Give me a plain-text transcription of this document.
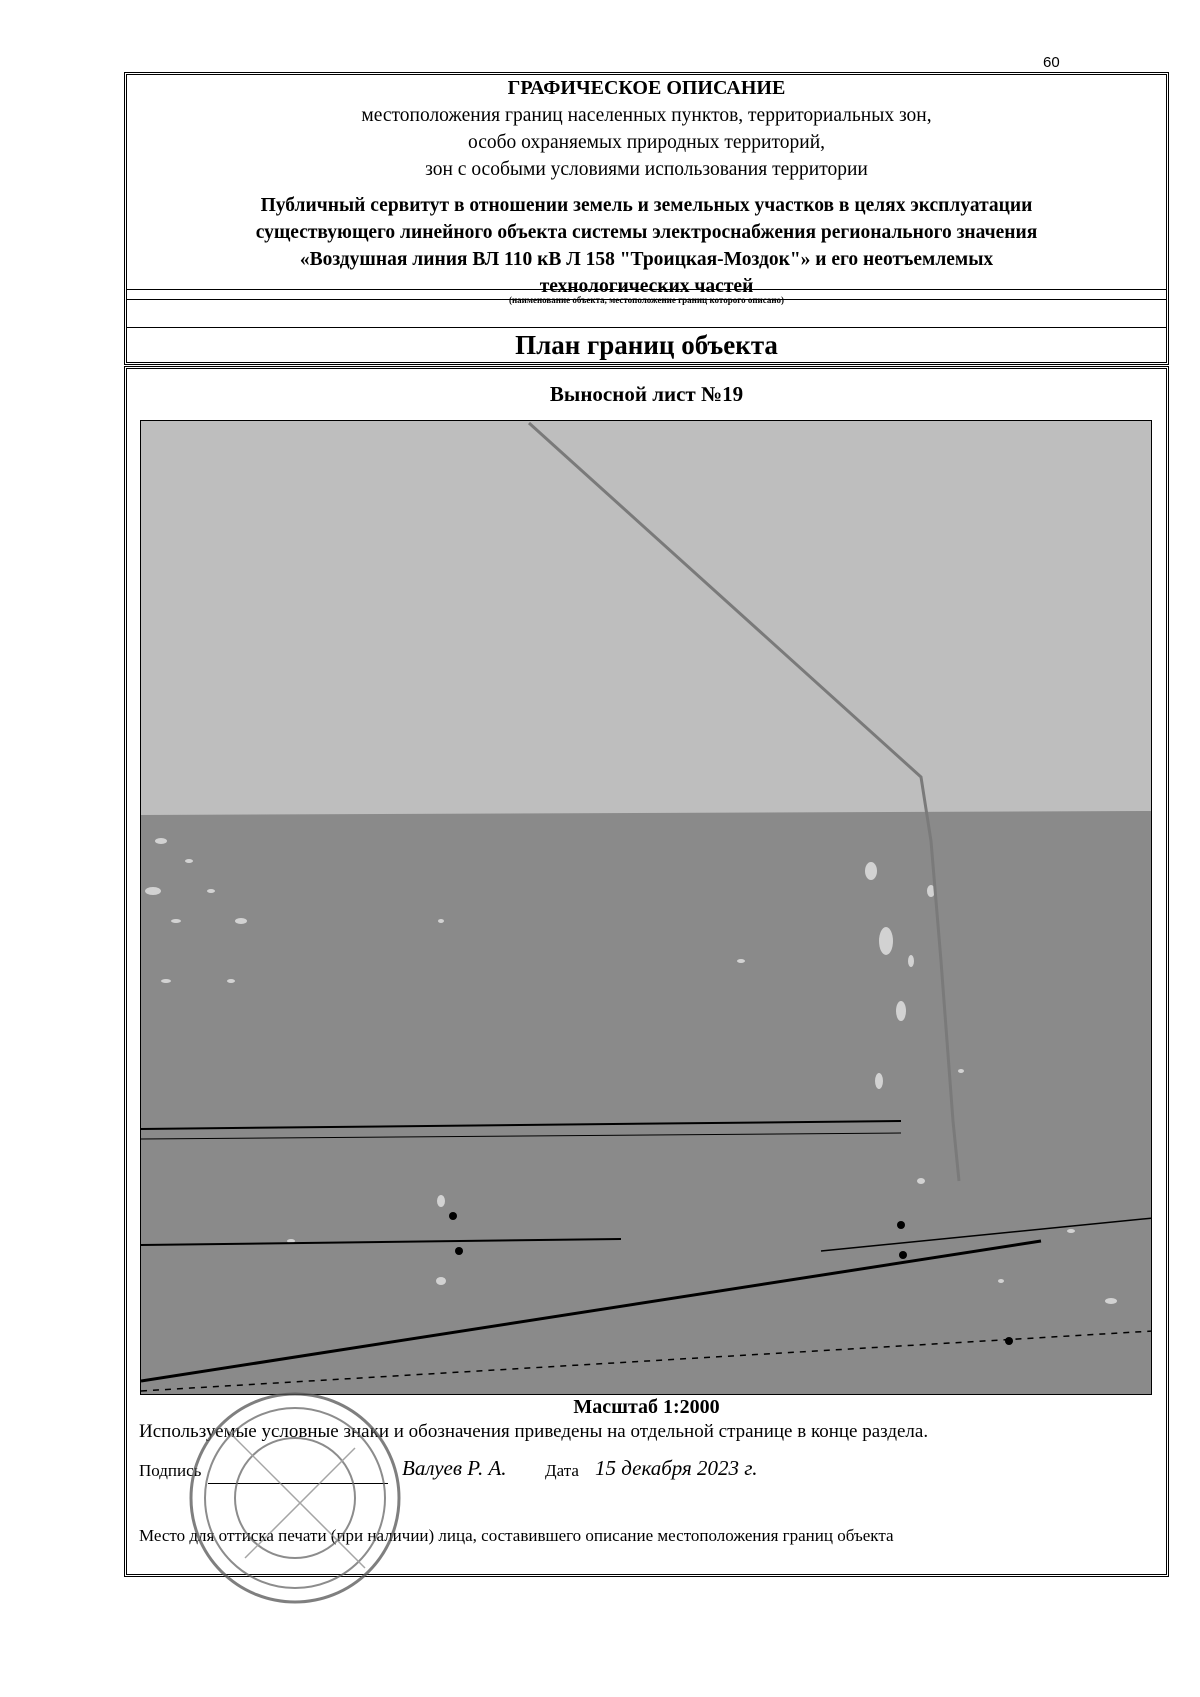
60
ГРАФИЧЕСКОЕ ОПИСАНИЕ
местоположения границ населенных пунктов, территориальных зон,
особо охраняемых природных территорий,
зон с особыми условиями использования территории
Публичный сервитут в отношении земель и земельных участков в целях эксплуатации
существующего линейного объекта системы электроснабжения регионального значения
«Воздушная линия ВЛ 110 кВ Л 158 "Троицкая-Моздок"» и его неотъемлемых
технологических частей
(наименование объекта, местоположение границ которого описано)
План границ объекта
Выносной лист №19
Масштаб 1:2000
Используемые условные знаки и обозначения приведены на отдельной странице в конце раздела.
Подпись	Валуев Р. А. Дата 15 декабря 2023 г.
Место для оттиска печати (при наличии) лица, составившего описание местоположения границ объекта
